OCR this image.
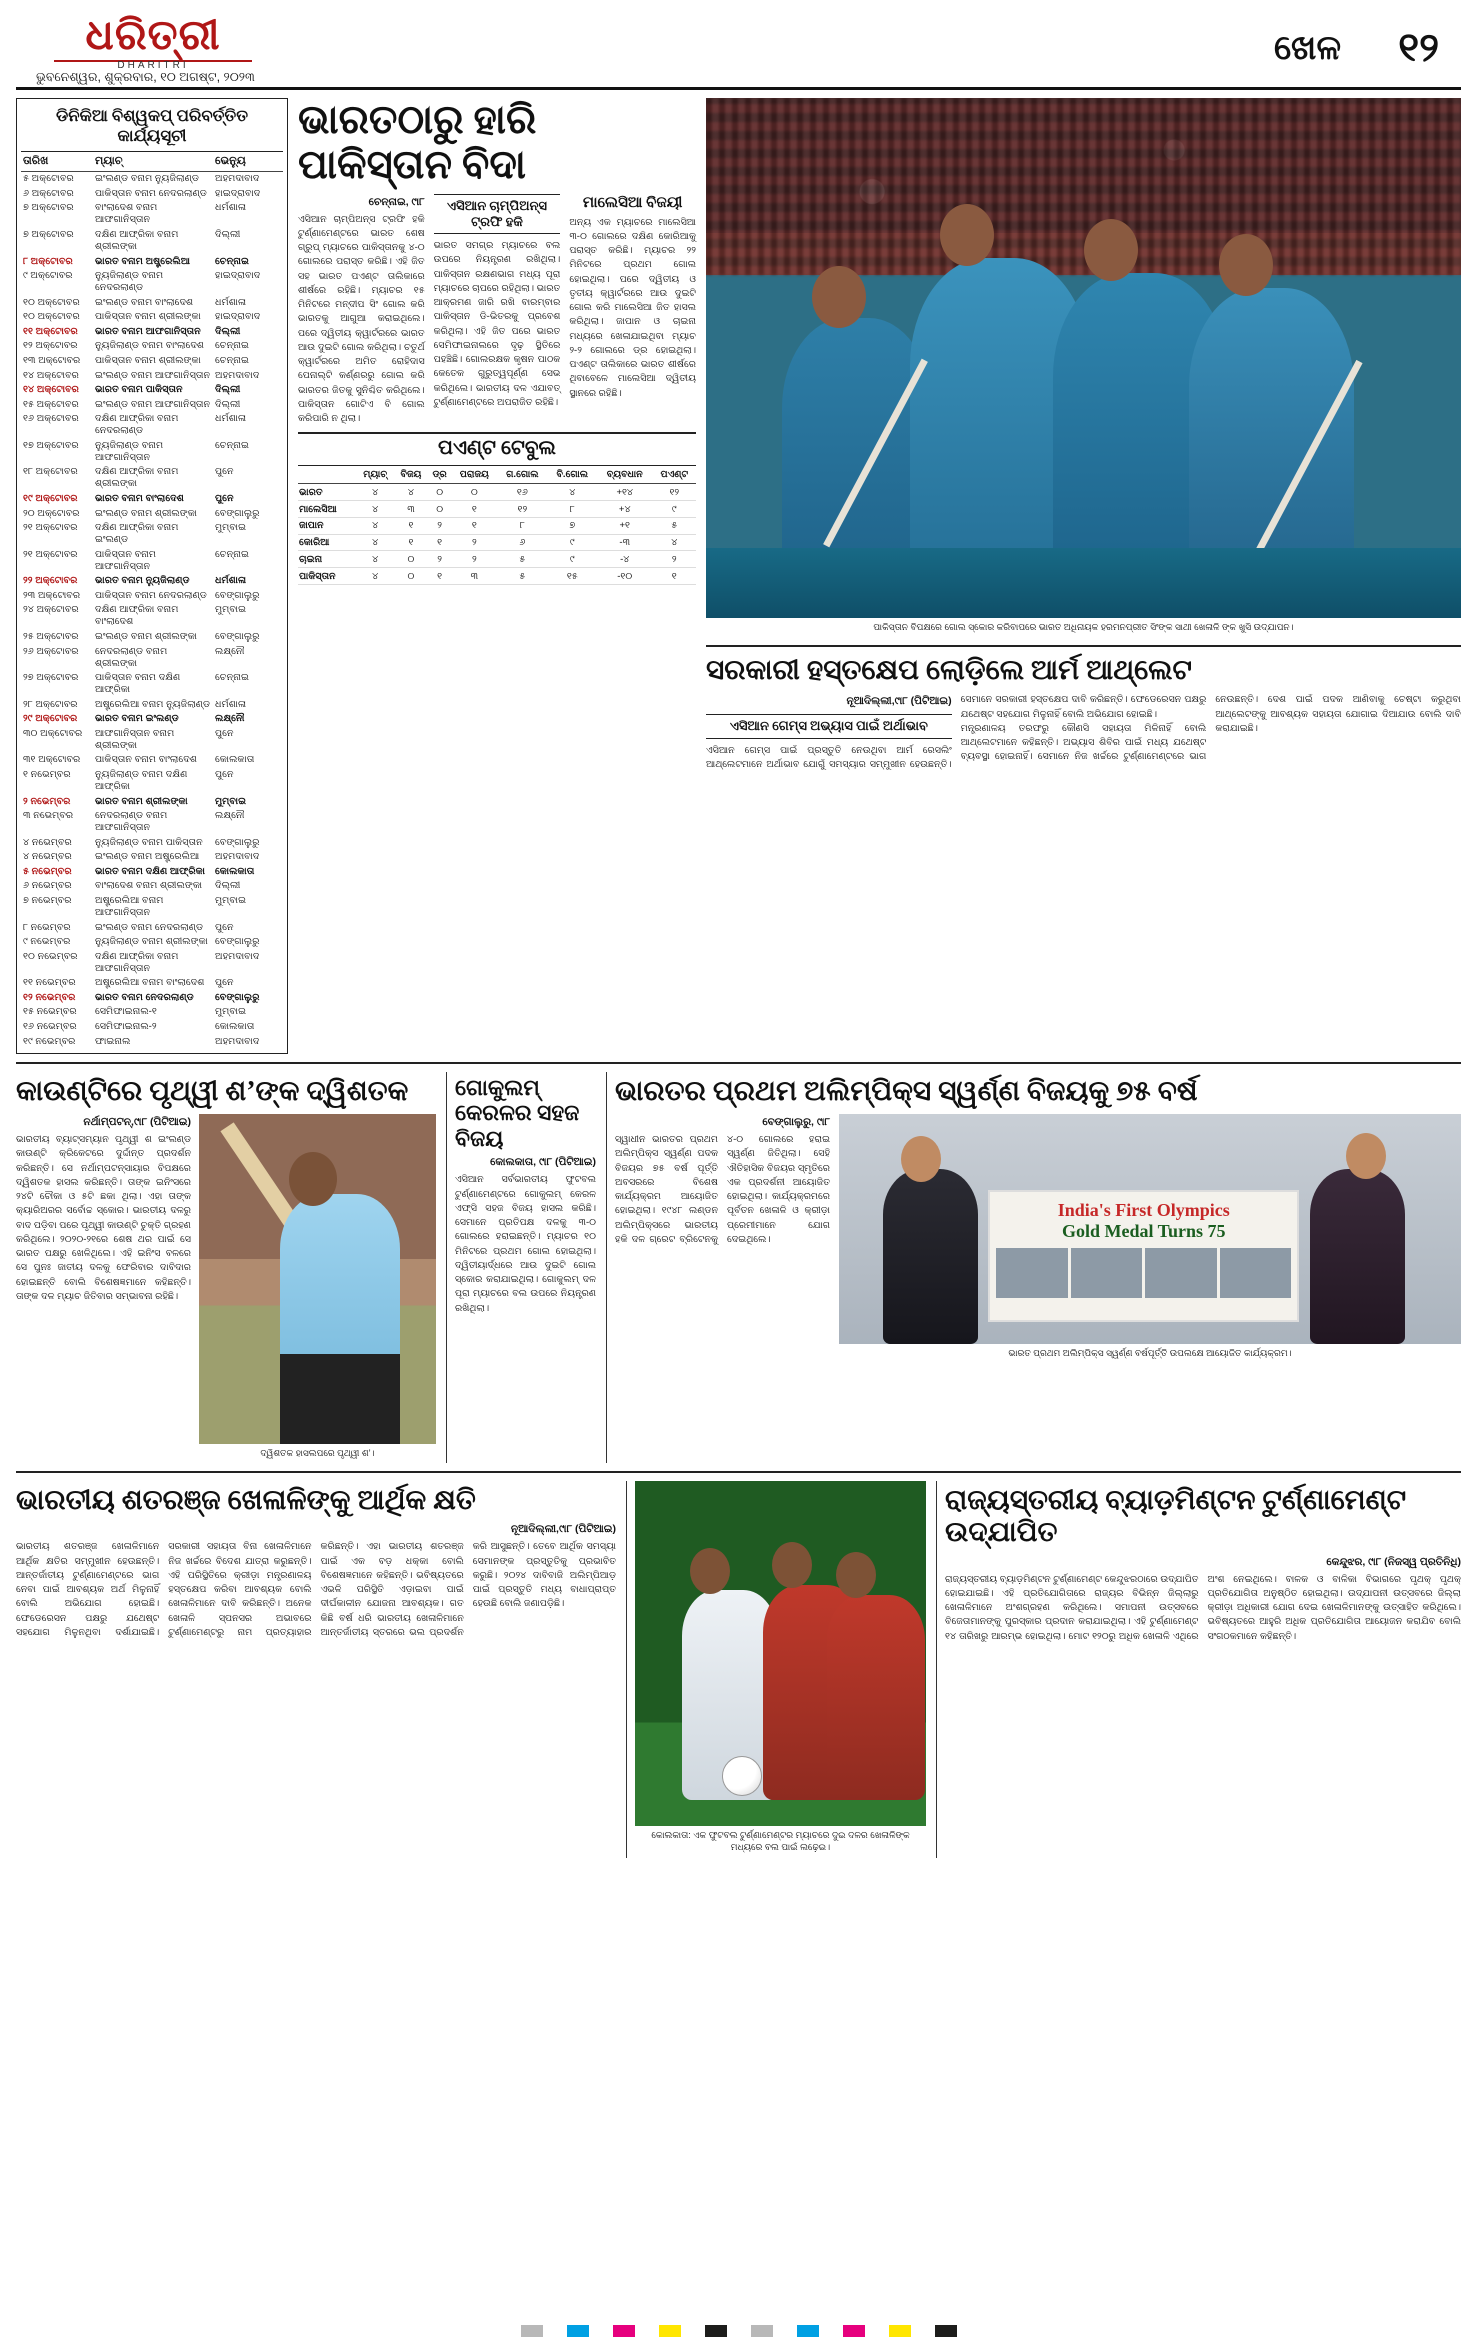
ଧରିତ୍ରୀ
DHARITRI
ଭୁବନେଶ୍ୱର, ଶୁକ୍ରବାର, ୧୦ ଅଗଷ୍ଟ, ୨୦୨୩
ଖେଳ ୧୨
ଡିନିକିଆ ବିଶ୍ୱକପ୍ ପରିବର୍ତ୍ତିତ କାର୍ଯ୍ୟସୂଚୀ
ତାରିଖ	ମ୍ୟାଚ୍	ଭେନ୍ୟୁ
୫ ଅକ୍ଟୋବର	ଇଂଲଣ୍ଡ ବନାମ ନ୍ୟୁଜିଲାଣ୍ଡ	ଅହମଦାବାଦ
୬ ଅକ୍ଟୋବର	ପାକିସ୍ତାନ ବନାମ ନେଦରଲାଣ୍ଡ	ହାଇଦ୍ରାବାଦ
୭ ଅକ୍ଟୋବର	ବାଂଲାଦେଶ ବନାମ ଆଫଗାନିସ୍ତାନ	ଧର୍ମଶାଳା
୭ ଅକ୍ଟୋବର	ଦକ୍ଷିଣ ଆଫ୍ରିକା ବନାମ ଶ୍ରୀଲଙ୍କା	ଦିଲ୍ଲୀ
୮ ଅକ୍ଟୋବର	ଭାରତ ବନାମ ଅଷ୍ଟ୍ରେଲିଆ	ଚେନ୍ନାଇ
୯ ଅକ୍ଟୋବର	ନ୍ୟୁଜିଲାଣ୍ଡ ବନାମ ନେଦରଲାଣ୍ଡ	ହାଇଦ୍ରାବାଦ
୧୦ ଅକ୍ଟୋବର	ଇଂଲଣ୍ଡ ବନାମ ବାଂଲାଦେଶ	ଧର୍ମଶାଳା
୧୦ ଅକ୍ଟୋବର	ପାକିସ୍ତାନ ବନାମ ଶ୍ରୀଲଙ୍କା	ହାଇଦ୍ରାବାଦ
୧୧ ଅକ୍ଟୋବର	ଭାରତ ବନାମ ଆଫଗାନିସ୍ତାନ	ଦିଲ୍ଲୀ
୧୨ ଅକ୍ଟୋବର	ନ୍ୟୁଜିଲାଣ୍ଡ ବନାମ ବାଂଲାଦେଶ	ଚେନ୍ନାଇ
୧୩ ଅକ୍ଟୋବର	ପାକିସ୍ତାନ ବନାମ ଶ୍ରୀଲଙ୍କା	ଚେନ୍ନାଇ
୧୪ ଅକ୍ଟୋବର	ଇଂଲଣ୍ଡ ବନାମ ଆଫଗାନିସ୍ତାନ	ଅହମଦାବାଦ
୧୪ ଅକ୍ଟୋବର	ଭାରତ ବନାମ ପାକିସ୍ତାନ	ଦିଲ୍ଲୀ
୧୫ ଅକ୍ଟୋବର	ଇଂଲଣ୍ଡ ବନାମ ଆଫଗାନିସ୍ତାନ	ଦିଲ୍ଲୀ
୧୬ ଅକ୍ଟୋବର	ଦକ୍ଷିଣ ଆଫ୍ରିକା ବନାମ ନେଦରଲାଣ୍ଡ	ଧର୍ମଶାଳା
୧୭ ଅକ୍ଟୋବର	ନ୍ୟୁଜିଲାଣ୍ଡ ବନାମ ଆଫଗାନିସ୍ତାନ	ଚେନ୍ନାଇ
୧୮ ଅକ୍ଟୋବର	ଦକ୍ଷିଣ ଆଫ୍ରିକା ବନାମ ଶ୍ରୀଲଙ୍କା	ପୁନେ
୧୯ ଅକ୍ଟୋବର	ଭାରତ ବନାମ ବାଂଲାଦେଶ	ପୁନେ
୨୦ ଅକ୍ଟୋବର	ଇଂଲଣ୍ଡ ବନାମ ଶ୍ରୀଲଙ୍କା	ବେଙ୍ଗାଲୁରୁ
୨୧ ଅକ୍ଟୋବର	ଦକ୍ଷିଣ ଆଫ୍ରିକା ବନାମ ଇଂଲଣ୍ଡ	ମୁମ୍ବାଇ
୨୧ ଅକ୍ଟୋବର	ପାକିସ୍ତାନ ବନାମ ଆଫଗାନିସ୍ତାନ	ଚେନ୍ନାଇ
୨୨ ଅକ୍ଟୋବର	ଭାରତ ବନାମ ନ୍ୟୁଜିଲାଣ୍ଡ	ଧର୍ମଶାଳା
୨୩ ଅକ୍ଟୋବର	ପାକିସ୍ତାନ ବନାମ ନେଦରଲାଣ୍ଡ	ବେଙ୍ଗାଲୁରୁ
୨୪ ଅକ୍ଟୋବର	ଦକ୍ଷିଣ ଆଫ୍ରିକା ବନାମ ବାଂଲାଦେଶ	ମୁମ୍ବାଇ
୨୫ ଅକ୍ଟୋବର	ଇଂଲଣ୍ଡ ବନାମ ଶ୍ରୀଲଙ୍କା	ବେଙ୍ଗାଲୁରୁ
୨୬ ଅକ୍ଟୋବର	ନେଦରଲାଣ୍ଡ ବନାମ ଶ୍ରୀଲଙ୍କା	ଲକ୍ଷ୍ନୌ
୨୭ ଅକ୍ଟୋବର	ପାକିସ୍ତାନ ବନାମ ଦକ୍ଷିଣ ଆଫ୍ରିକା	ଚେନ୍ନାଇ
୨୮ ଅକ୍ଟୋବର	ଅଷ୍ଟ୍ରେଲିଆ ବନାମ ନ୍ୟୁଜିଲାଣ୍ଡ	ଧର୍ମଶାଳା
୨୯ ଅକ୍ଟୋବର	ଭାରତ ବନାମ ଇଂଲଣ୍ଡ	ଲକ୍ଷ୍ନୌ
୩୦ ଅକ୍ଟୋବର	ଆଫଗାନିସ୍ତାନ ବନାମ ଶ୍ରୀଲଙ୍କା	ପୁନେ
୩୧ ଅକ୍ଟୋବର	ପାକିସ୍ତାନ ବନାମ ବାଂଲାଦେଶ	କୋଲକାତା
୧ ନଭେମ୍ବର	ନ୍ୟୁଜିଲାଣ୍ଡ ବନାମ ଦକ୍ଷିଣ ଆଫ୍ରିକା	ପୁନେ
୨ ନଭେମ୍ବର	ଭାରତ ବନାମ ଶ୍ରୀଲଙ୍କା	ମୁମ୍ବାଇ
୩ ନଭେମ୍ବର	ନେଦରଲାଣ୍ଡ ବନାମ ଆଫଗାନିସ୍ତାନ	ଲକ୍ଷ୍ନୌ
୪ ନଭେମ୍ବର	ନ୍ୟୁଜିଲାଣ୍ଡ ବନାମ ପାକିସ୍ତାନ	ବେଙ୍ଗାଲୁରୁ
୪ ନଭେମ୍ବର	ଇଂଲଣ୍ଡ ବନାମ ଅଷ୍ଟ୍ରେଲିଆ	ଅହମଦାବାଦ
୫ ନଭେମ୍ବର	ଭାରତ ବନାମ ଦକ୍ଷିଣ ଆଫ୍ରିକା	କୋଲକାତା
୬ ନଭେମ୍ବର	ବାଂଲାଦେଶ ବନାମ ଶ୍ରୀଲଙ୍କା	ଦିଲ୍ଲୀ
୭ ନଭେମ୍ବର	ଅଷ୍ଟ୍ରେଲିଆ ବନାମ ଆଫଗାନିସ୍ତାନ	ମୁମ୍ବାଇ
୮ ନଭେମ୍ବର	ଇଂଲଣ୍ଡ ବନାମ ନେଦରଲାଣ୍ଡ	ପୁନେ
୯ ନଭେମ୍ବର	ନ୍ୟୁଜିଲାଣ୍ଡ ବନାମ ଶ୍ରୀଲଙ୍କା	ବେଙ୍ଗାଲୁରୁ
୧୦ ନଭେମ୍ବର	ଦକ୍ଷିଣ ଆଫ୍ରିକା ବନାମ ଆଫଗାନିସ୍ତାନ	ଅହମଦାବାଦ
୧୧ ନଭେମ୍ବର	ଅଷ୍ଟ୍ରେଲିଆ ବନାମ ବାଂଲାଦେଶ	ପୁନେ
୧୨ ନଭେମ୍ବର	ଭାରତ ବନାମ ନେଦରଲାଣ୍ଡ	ବେଙ୍ଗାଲୁରୁ
୧୫ ନଭେମ୍ବର	ସେମିଫାଇନାଲ-୧	ମୁମ୍ବାଇ
୧୬ ନଭେମ୍ବର	ସେମିଫାଇନାଲ-୨	କୋଲକାତା
୧୯ ନଭେମ୍ବର	ଫାଇନାଲ	ଅହମଦାବାଦ
ଭାରତଠାରୁ ହାରି ପାକିସ୍ତାନ ବିଦା
ଚେନ୍ନାଇ, ୯ା୮
ଏସିଆନ ଚାମ୍ପିଅନ୍ସ ଟ୍ରଫି ହକି ଟୁର୍ଣ୍ଣାମେଣ୍ଟରେ ଭାରତ ଶେଷ ଗ୍ରୁପ୍ ମ୍ୟାଚରେ ପାକିସ୍ତାନକୁ ୪-୦ ଗୋଲରେ ପରାସ୍ତ କରିଛି। ଏହି ଜିତ ସହ ଭାରତ ପଏଣ୍ଟ ତାଲିକାରେ ଶୀର୍ଷରେ ରହିଛି। ମ୍ୟାଚର ୧୫ ମିନିଟରେ ମନ୍‌ଦୀପ ସିଂ ଗୋଲ କରି ଭାରତକୁ ଆଗୁଆ କରାଇଥିଲେ। ପରେ ଦ୍ୱିତୀୟ କ୍ୱାର୍ଟରରେ ଭାରତ ଆଉ ଦୁଇଟି ଗୋଲ କରିଥିଲା। ଚତୁର୍ଥ କ୍ୱାର୍ଟରରେ ଅମିତ ରୋହିଦାସ ପେନାଲ୍ଟି କର୍ଣ୍ଣରରୁ ଗୋଲ କରି ଭାରତର ଜିତକୁ ସୁନିଶ୍ଚିତ କରିଥିଲେ। ପାକିସ୍ତାନ ଗୋଟିଏ ବି ଗୋଲ କରିପାରି ନ ଥିଲା।
ଏସିଆନ ଚାମ୍ପିଅନ୍ସ ଟ୍ରଫି ହକି
ଭାରତ ସମଗ୍ର ମ୍ୟାଚରେ ବଲ ଉପରେ ନିୟନ୍ତ୍ରଣ ରଖିଥିଲା। ପାକିସ୍ତାନ ରକ୍ଷଣଭାଗ ମଧ୍ୟ ପୂରା ମ୍ୟାଚରେ ଚାପରେ ରହିଥିଲା। ଭାରତ ଆକ୍ରମଣ ଜାରି ରଖି ବାରମ୍ବାର ପାକିସ୍ତାନ ଡି-ଭିତରକୁ ପ୍ରବେଶ କରିଥିଲା। ଏହି ଜିତ ପରେ ଭାରତ ସେମିଫାଇନାଲରେ ଦୃଢ଼ ସ୍ଥିତିରେ ପହଞ୍ଚିଛି। ଗୋଲରକ୍ଷକ କୃଷନ ପାଠକ କେତେକ ଗୁରୁତ୍ୱପୂର୍ଣ୍ଣ ସେଭ କରିଥିଲେ। ଭାରତୀୟ ଦଳ ଏଯାବତ୍ ଟୁର୍ଣ୍ଣାମେଣ୍ଟରେ ଅପରାଜିତ ରହିଛି।
ମାଲେସିଆ ବିଜୟୀ
ଅନ୍ୟ ଏକ ମ୍ୟାଚରେ ମାଲେସିଆ ୩-୦ ଗୋଲରେ ଦକ୍ଷିଣ କୋରିଆକୁ ପରାସ୍ତ କରିଛି। ମ୍ୟାଚର ୨୨ ମିନିଟରେ ପ୍ରଥମ ଗୋଲ ହୋଇଥିଲା। ପରେ ଦ୍ୱିତୀୟ ଓ ତୃତୀୟ କ୍ୱାର୍ଟରରେ ଆଉ ଦୁଇଟି ଗୋଲ କରି ମାଲେସିଆ ଜିତ ହାସଲ କରିଥିଲା। ଜାପାନ ଓ ଚାଇନା ମଧ୍ୟରେ ଖେଳାଯାଇଥିବା ମ୍ୟାଚ ୨-୨ ଗୋଲରେ ଡ୍ର ହୋଇଥିଲା। ପଏଣ୍ଟ ତାଲିକାରେ ଭାରତ ଶୀର୍ଷରେ ଥିବାବେଳେ ମାଲେସିଆ ଦ୍ୱିତୀୟ ସ୍ଥାନରେ ରହିଛି।
ପଏଣ୍ଟ ଟେବୁଲ
	ମ୍ୟାଚ୍	ବିଜୟ	ଡ୍ର	ପରାଜୟ	ଗ.ଗୋଲ	ବି.ଗୋଲ	ବ୍ୟବଧାନ	ପଏଣ୍ଟ
ଭାରତ	୪	୪	୦	୦	୧୬	୪	+୧୪	୧୨
ମାଲେସିଆ	୪	୩	୦	୧	୧୨	୮	+୪	୯
ଜାପାନ	୪	୧	୨	୧	୮	୭	+୧	୫
କୋରିଆ	୪	୧	୧	୨	୬	୯	-୩	୪
ଚାଇନା	୪	୦	୨	୨	୫	୯	-୪	୨
ପାକିସ୍ତାନ	୪	୦	୧	୩	୫	୧୫	-୧୦	୧
ପାକିସ୍ତାନ ବିପକ୍ଷରେ ଗୋଲ ସ୍କୋର କରିବାପରେ ଭାରତ ଅଧିନାୟକ ହରମନପ୍ରୀତ ସିଂଙ୍କ ସାଥୀ ଖେଳାଳି ଙ୍କ ଖୁସି ଉଦ୍‌ଯାପନ।
ସରକାରୀ ହସ୍ତକ୍ଷେପ ଲୋଡ଼ିଲେ ଆର୍ମ ଆଥ୍‌ଲେଟ
ନୂଆଦିଲ୍ଲୀ,୯ା୮ (ପିଟିଆଇ)
ଏସିଆନ ଗେମ୍ସ ଅଭ୍ୟାସ ପାଇଁ ଅର୍ଥାଭାବ
ଏସିଆନ ଗେମ୍ସ ପାଇଁ ପ୍ରସ୍ତୁତି ନେଉଥିବା ଆର୍ମ ରେସଲିଂ ଆଥ୍‌ଲେଟମାନେ ଅର୍ଥାଭାବ ଯୋଗୁଁ ସମସ୍ୟାର ସମ୍ମୁଖୀନ ହେଉଛନ୍ତି। ସେମାନେ ସରକାରୀ ହସ୍ତକ୍ଷେପ ଦାବି କରିଛନ୍ତି। ଫେଡେରେସନ ପକ୍ଷରୁ ଯଥେଷ୍ଟ ସହଯୋଗ ମିଳୁନାହିଁ ବୋଲି ଅଭିଯୋଗ ହୋଇଛି।
ମନ୍ତ୍ରଣାଳୟ ତରଫରୁ କୌଣସି ସହାୟତା ମିଳିନାହିଁ ବୋଲି ଆଥ୍‌ଲେଟମାନେ କହିଛନ୍ତି। ଅଭ୍ୟାସ ଶିବିର ପାଇଁ ମଧ୍ୟ ଯଥେଷ୍ଟ ବ୍ୟବସ୍ଥା ହୋଇନାହିଁ। ସେମାନେ ନିଜ ଖର୍ଚ୍ଚରେ ଟୁର୍ଣ୍ଣାମେଣ୍ଟରେ ଭାଗ ନେଉଛନ୍ତି। ଦେଶ ପାଇଁ ପଦକ ଆଣିବାକୁ ଚେଷ୍ଟା କରୁଥିବା ଆଥ୍‌ଲେଟଙ୍କୁ ଆବଶ୍ୟକ ସହାୟତା ଯୋଗାଇ ଦିଆଯାଉ ବୋଲି ଦାବି କରାଯାଇଛି।
କାଉଣ୍ଟିରେ ପୃଥ୍ୱୀ ଶ’ଙ୍କ ଦ୍ୱିଶତକ
ନର୍ଥାମ୍ପଟନ୍,୯ା୮ (ପିଟିଆଇ)
ଭାରତୀୟ ବ୍ୟାଟ୍‌ସମ୍ୟାନ ପୃଥ୍ୱୀ ଶ ଇଂଲଣ୍ଡ କାଉଣ୍ଟି କ୍ରିକେଟରେ ଦୁର୍ଦ୍ଦାନ୍ତ ପ୍ରଦର୍ଶନ କରିଛନ୍ତି। ସେ ନର୍ଥାମ୍ପଟନ୍‌ସାୟାର ବିପକ୍ଷରେ ଦ୍ୱିଶତକ ହାସଲ କରିଛନ୍ତି। ତାଙ୍କ ଇନିଂସରେ ୨୪ଟି ଚୌକା ଓ ୫ଟି ଛକା ଥିଲା। ଏହା ତାଙ୍କ କ୍ୟାରିଅରର ସର୍ବୋଚ୍ଚ ସ୍କୋର। ଭାରତୀୟ ଦଳରୁ ବାଦ ପଡ଼ିବା ପରେ ପୃଥ୍ୱୀ କାଉଣ୍ଟି ଚୁକ୍ତି ଗ୍ରହଣ କରିଥିଲେ। ୨୦୨୦-୨୧ରେ ଶେଷ ଥର ପାଇଁ ସେ ଭାରତ ପକ୍ଷରୁ ଖେଳିଥିଲେ। ଏହି ଇନିଂସ ବଳରେ ସେ ପୁନଃ ଜାତୀୟ ଦଳକୁ ଫେରିବାର ଦାବିଦାର ହୋଇଛନ୍ତି ବୋଲି ବିଶେଷଜ୍ଞମାନେ କହିଛନ୍ତି। ତାଙ୍କ ଦଳ ମ୍ୟାଚ ଜିତିବାର ସମ୍ଭାବନା ରହିଛି।
ଦ୍ୱିଶତକ ହାସଲପରେ ପୃଥ୍ୱୀ ଶ’।
ଗୋକୁଲମ୍ କେରଳର ସହଜ ବିଜୟ
କୋଲକାତା, ୯ା୮ (ପିଟିଆଇ)
ଏସିଆନ ସର୍ବଭାରତୀୟ ଫୁଟବଲ ଟୁର୍ଣ୍ଣାମେଣ୍ଟରେ ଗୋକୁଲମ୍ କେରଳ ଏଫ୍‌ସି ସହଜ ବିଜୟ ହାସଲ କରିଛି। ସେମାନେ ପ୍ରତିପକ୍ଷ ଦଳକୁ ୩-୦ ଗୋଲରେ ହରାଇଛନ୍ତି। ମ୍ୟାଚର ୧୦ ମିନିଟରେ ପ୍ରଥମ ଗୋଲ ହୋଇଥିଲା। ଦ୍ୱିତୀୟାର୍ଦ୍ଧରେ ଆଉ ଦୁଇଟି ଗୋଲ ସ୍କୋର କରାଯାଇଥିଲା। ଗୋକୁଲମ୍ ଦଳ ପୂରା ମ୍ୟାଚରେ ବଲ ଉପରେ ନିୟନ୍ତ୍ରଣ ରଖିଥିଲା।
ଭାରତର ପ୍ରଥମ ଅଲିମ୍ପିକ୍ସ ସ୍ୱର୍ଣ୍ଣ ବିଜୟକୁ ୭୫ ବର୍ଷ
ବେଙ୍ଗାଲୁରୁ, ୯ା୮
ସ୍ୱାଧୀନ ଭାରତର ପ୍ରଥମ ଅଲିମ୍ପିକ୍ସ ସ୍ୱର୍ଣ୍ଣ ପଦକ ବିଜୟର ୭୫ ବର୍ଷ ପୂର୍ତ୍ତି ଅବସରରେ ବିଶେଷ କାର୍ଯ୍ୟକ୍ରମ ଆୟୋଜିତ ହୋଇଥିଲା। ୧୯୪୮ ଲଣ୍ଡନ ଅଲିମ୍ପିକ୍ସରେ ଭାରତୀୟ ହକି ଦଳ ଗ୍ରେଟ ବ୍ରିଟେନକୁ ୪-୦ ଗୋଲରେ ହରାଇ ସ୍ୱର୍ଣ୍ଣ ଜିତିଥିଲା। ସେହି ଐତିହାସିକ ବିଜୟର ସ୍ମୃତିରେ ଏକ ପ୍ରଦର୍ଶନୀ ଆୟୋଜିତ ହୋଇଥିଲା। କାର୍ଯ୍ୟକ୍ରମରେ ପୂର୍ବତନ ଖେଳାଳି ଓ କ୍ରୀଡ଼ା ପ୍ରେମୀମାନେ ଯୋଗ ଦେଇଥିଲେ।
India's First Olympics
Gold Medal Turns 75
ଭାରତ ପ୍ରଥମ ଅଲିମ୍ପିକ୍ସ ସ୍ୱର୍ଣ୍ଣ ବର୍ଷପୂର୍ତ୍ତି ଉପଲକ୍ଷେ ଆୟୋଜିତ କାର୍ଯ୍ୟକ୍ରମ।
ଭାରତୀୟ ଶତରଞ୍ଜ ଖେଳାଳିଙ୍କୁ ଆର୍ଥିକ କ୍ଷତି
ନୂଆଦିଲ୍ଲୀ,୯ା୮ (ପିଟିଆଇ)
ଭାରତୀୟ ଶତରଞ୍ଜ ଖେଳାଳିମାନେ ଆର୍ଥିକ କ୍ଷତିର ସମ୍ମୁଖୀନ ହେଉଛନ୍ତି। ଆନ୍ତର୍ଜାତୀୟ ଟୁର୍ଣ୍ଣାମେଣ୍ଟରେ ଭାଗ ନେବା ପାଇଁ ଆବଶ୍ୟକ ଅର୍ଥ ମିଳୁନାହିଁ ବୋଲି ଅଭିଯୋଗ ହୋଇଛି। ଫେଡେରେସନ ପକ୍ଷରୁ ଯଥେଷ୍ଟ ସହଯୋଗ ମିଳୁନଥିବା ଦର୍ଶାଯାଇଛି। ସରକାରୀ ସହାୟତା ବିନା ଖେଳାଳିମାନେ ନିଜ ଖର୍ଚ୍ଚରେ ବିଦେଶ ଯାତ୍ରା କରୁଛନ୍ତି। ଏହି ପରିସ୍ଥିତିରେ କ୍ରୀଡ଼ା ମନ୍ତ୍ରଣାଳୟ ହସ୍ତକ୍ଷେପ କରିବା ଆବଶ୍ୟକ ବୋଲି ଖେଳାଳିମାନେ ଦାବି କରିଛନ୍ତି। ଅନେକ ଖେଳାଳି ସ୍ପନସର ଅଭାବରେ ଟୁର୍ଣ୍ଣାମେଣ୍ଟରୁ ନାମ ପ୍ରତ୍ୟାହାର କରିଛନ୍ତି। ଏହା ଭାରତୀୟ ଶତରଞ୍ଜ ପାଇଁ ଏକ ବଡ଼ ଧକ୍କା ବୋଲି ବିଶେଷଜ୍ଞମାନେ କହିଛନ୍ତି। ଭବିଷ୍ୟତରେ ଏଭଳି ପରିସ୍ଥିତି ଏଡ଼ାଇବା ପାଇଁ ଦୀର୍ଘକାଳୀନ ଯୋଜନା ଆବଶ୍ୟକ। ଗତ କିଛି ବର୍ଷ ଧରି ଭାରତୀୟ ଖେଳାଳିମାନେ ଆନ୍ତର୍ଜାତୀୟ ସ୍ତରରେ ଭଲ ପ୍ରଦର୍ଶନ କରି ଆସୁଛନ୍ତି। ତେବେ ଆର୍ଥିକ ସମସ୍ୟା ସେମାନଙ୍କ ପ୍ରସ୍ତୁତିକୁ ପ୍ରଭାବିତ କରୁଛି। ୨୦୨୪ ଦାବିବାଜି ଅଲିମ୍ପିଆଡ଼ ପାଇଁ ପ୍ରସ୍ତୁତି ମଧ୍ୟ ବାଧାପ୍ରାପ୍ତ ହେଉଛି ବୋଲି ଜଣାପଡ଼ିଛି।
କୋଲକାତା: ଏକ ଫୁଟବଲ ଟୁର୍ଣ୍ଣାମେଣ୍ଟର ମ୍ୟାଚରେ ଦୁଇ ଦଳର ଖେଳାଳିଙ୍କ ମଧ୍ୟରେ ବଲ ପାଇଁ ଲଢ଼େଇ।
ରାଜ୍ୟସ୍ତରୀୟ ବ୍ୟାଡ଼ମିଣ୍ଟନ ଟୁର୍ଣ୍ଣାମେଣ୍ଟ ଉଦ୍‌ଯାପିତ
କେନ୍ଦୁଝର, ୯ା୮ (ନିଜସ୍ୱ ପ୍ରତିନିଧି)
ରାଜ୍ୟସ୍ତରୀୟ ବ୍ୟାଡ଼ମିଣ୍ଟନ ଟୁର୍ଣ୍ଣାମେଣ୍ଟ କେନ୍ଦୁଝରଠାରେ ଉଦ୍‌ଯାପିତ ହୋଇଯାଇଛି। ଏହି ପ୍ରତିଯୋଗିତାରେ ରାଜ୍ୟର ବିଭିନ୍ନ ଜିଲ୍ଲାରୁ ଖେଳାଳିମାନେ ଅଂଶଗ୍ରହଣ କରିଥିଲେ। ସମାପନୀ ଉତ୍ସବରେ ବିଜେତାମାନଙ୍କୁ ପୁରସ୍କାର ପ୍ରଦାନ କରାଯାଇଥିଲା। ଏହି ଟୁର୍ଣ୍ଣାମେଣ୍ଟ ୧୪ ତାରିଖରୁ ଆରମ୍ଭ ହୋଇଥିଲା। ମୋଟ ୧୨୦ରୁ ଅଧିକ ଖେଳାଳି ଏଥିରେ ଅଂଶ ନେଇଥିଲେ। ବାଳକ ଓ ବାଳିକା ବିଭାଗରେ ପୃଥକ୍ ପୃଥକ୍ ପ୍ରତିଯୋଗିତା ଅନୁଷ୍ଠିତ ହୋଇଥିଲା। ଉଦ୍‌ଯାପନୀ ଉତ୍ସବରେ ଜିଲ୍ଲା କ୍ରୀଡ଼ା ଅଧିକାରୀ ଯୋଗ ଦେଇ ଖେଳାଳିମାନଙ୍କୁ ଉତ୍ସାହିତ କରିଥିଲେ। ଭବିଷ୍ୟତରେ ଆହୁରି ଅଧିକ ପ୍ରତିଯୋଗିତା ଆୟୋଜନ କରାଯିବ ବୋଲି ସଂଗଠକମାନେ କହିଛନ୍ତି।
